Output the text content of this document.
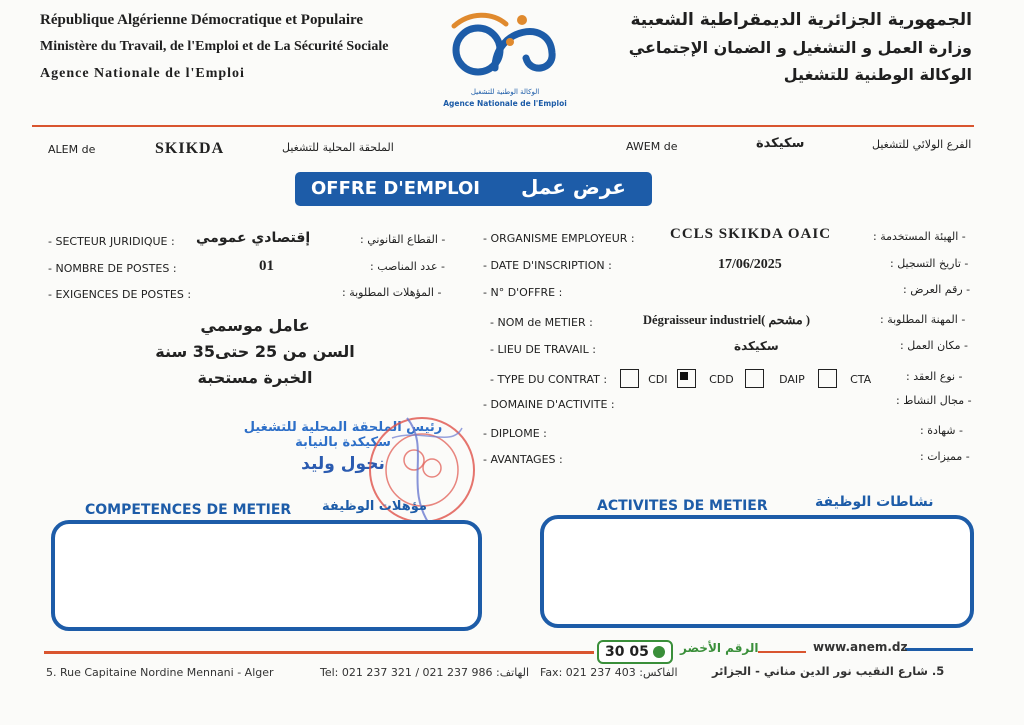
République Algérienne Démocratique et Populaire
Ministère du Travail, de l'Emploi et de La Sécurité Sociale
Agence Nationale de l'Emploi
الجمهورية الجزائرية الديمقراطية الشعبية
وزارة العمل و التشغيل و الضمان الإجتماعي
الوكالة الوطنية للتشغيل
الوكالة الوطنية للتشغيل
Agence Nationale de l'Emploi
ALEM de	SKIKDA	الملحقة المحلية للتشغيل	AWEM de	سكيكدة	الفرع الولائي للتشغيل
OFFRE D'EMPLOI عرض عمل
- SECTEUR JURIDIQUE : إقتصادي عمومي	- القطاع القانوني :
- NOMBRE DE POSTES :	01	- عدد المناصب :
- EXIGENCES DE POSTES :	- المؤهلات المطلوبة :
عامل موسمي
السن من 25 حتى35 سنة
الخبرة مستحبة
- ORGANISME EMPLOYEUR : CCLS SKIKDA OAIC	- الهيئة المستخدمة :
- DATE D'INSCRIPTION :	17/06/2025	- تاريخ التسجيل :
- N° D'OFFRE :	- رقم العرض :
- NOM de METIER :	Dégraisseur industriel( مشحم )	- المهنة المطلوبة :
- LIEU DE TRAVAIL :	سكيكدة	- مكان العمل :
- TYPE DU CONTRAT :	CDI	CDD	DAIP	CTA	- نوع العقد :
- DOMAINE D'ACTIVITE :	- مجال النشاط :
- DIPLOME :	- شهادة :
- AVANTAGES :	- مميزات :
رئيس الملحقة المحلية للتشغيل
سكيكدة بالنيابة
نحول وليد
COMPETENCES DE METIER مؤهلات الوظيفة	ACTIVITES DE METIER	نشاطات الوظيفة
30 05	الرقم الأخضر	www.anem.dz
5. Rue Capitaine Nordine Mennani - Alger	Tel: 021 237 321 / 021 237 986 :الهاتف Fax: 021 237 403 :الفاكس	5. شارع النقيب نور الدين مناني - الجزائر
